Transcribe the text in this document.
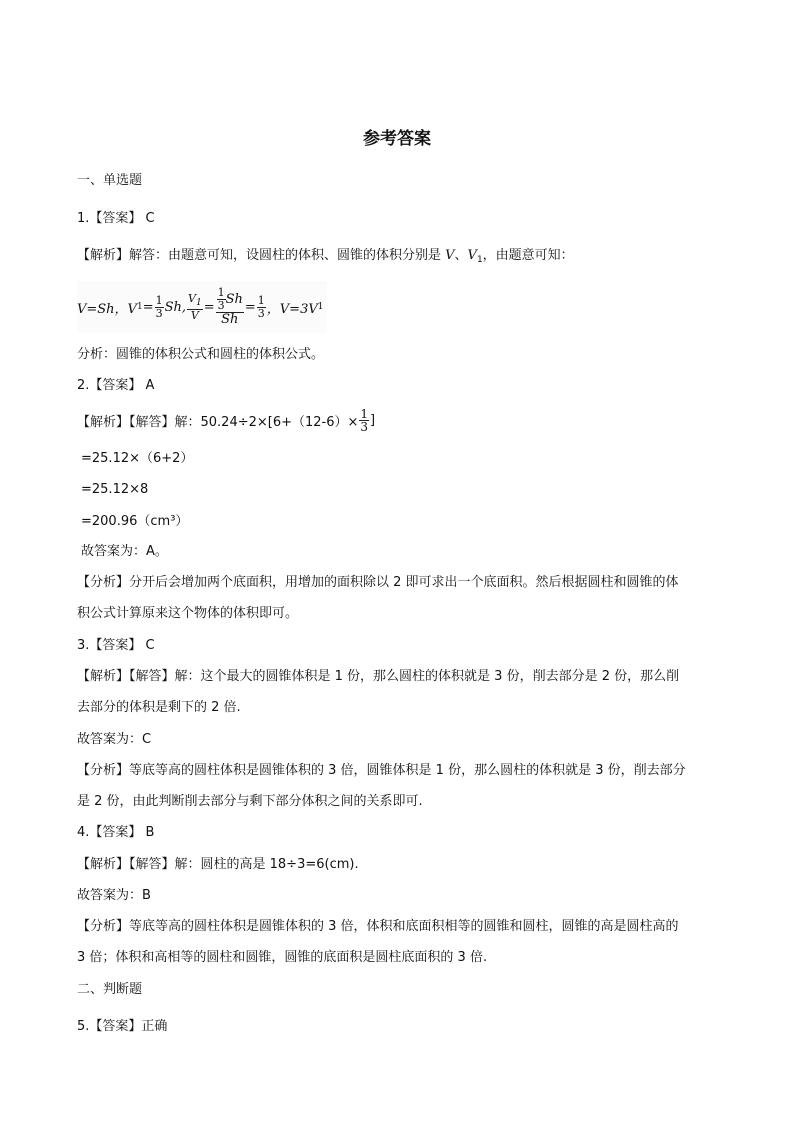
参考答案
一、单选题
1.【答案】 C
【解析】解答：由题意可知，设圆柱的体积、圆锥的体积分别是 V、$V_1$，由题意可知：
V=Sh，V $1 = \frac{1}{3} Sh$, $\frac{V_1}{V} = \frac{\frac{1}{3} Sh}{Sh} = \frac{1}{3}$ ，V=3V 1
分析：圆锥的体积公式和圆柱的体积公式。
2.【答案】 A
【解析】【解答】解：$50.24\div 2\times[6+(12-6)\times \frac{1}{3}$ ]
=25.12×（6+2）
=25.12×8
=200.96（cm³）
故答案为：A。
【分析】分开后会增加两个底面积，用增加的面积除以 2 即可求出一个底面积。然后根据圆柱和圆锥的体
积公式计算原来这个物体的体积即可。
3.【答案】 C
【解析】【解答】解：这个最大的圆锥体积是 1 份，那么圆柱的体积就是 3 份，削去部分是 2 份，那么削
去部分的体积是剩下的 2 倍.
故答案为：C
【分析】等底等高的圆柱体积是圆锥体积的 3 倍，圆锥体积是 1 份，那么圆柱的体积就是 3 份，削去部分
是 2 份，由此判断削去部分与剩下部分体积之间的关系即可.
4.【答案】 B
【解析】【解答】解：圆柱的高是 18÷3=6(cm).
故答案为：B
【分析】等底等高的圆柱体积是圆锥体积的 3 倍，体积和底面积相等的圆锥和圆柱，圆锥的高是圆柱高的
3 倍；体积和高相等的圆柱和圆锥，圆锥的底面积是圆柱底面积的 3 倍.
二、判断题
5.【答案】正确
